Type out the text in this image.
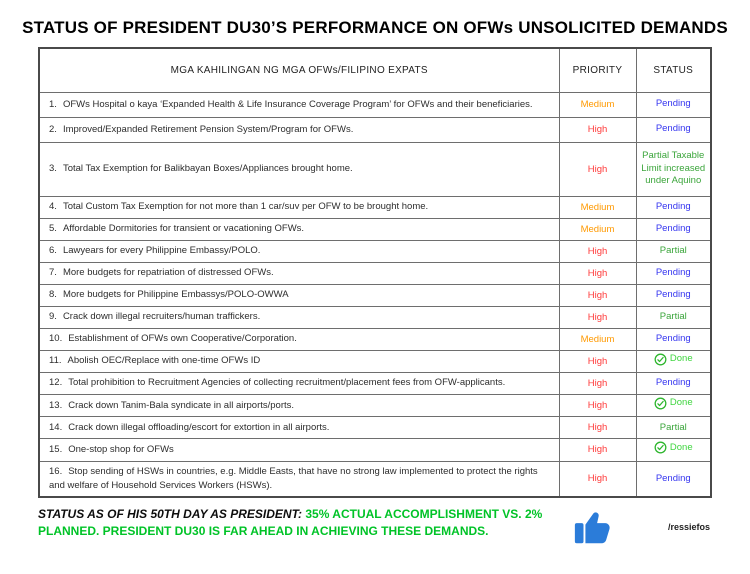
STATUS OF PRESIDENT DU30’S PERFORMANCE ON OFWs UNSOLICITED DEMANDS
MGA KAHILINGAN NG MGA OFWs/FILIPINO EXPATS	PRIORITY	STATUS
1. OFWs Hospital o kaya ‘Expanded Health & Life Insurance Coverage Program’ for OFWs and their beneficiaries.	Medium	Pending

2. Improved/Expanded Retirement Pension System/Program for OFWs.	High	Pending

3. Total Tax Exemption for Balikbayan Boxes/Appliances brought home.	High	Partial Taxable Limit increased under Aquino

4. Total Custom Tax Exemption for not more than 1 car/suv per OFW to be brought home.	Medium	Pending

5. Affordable Dormitories for transient or vacationing OFWs.	Medium	Pending

6. Lawyears for every Philippine Embassy/POLO.	High	Partial

7. More budgets for repatriation of distressed OFWs.	High	Pending

8. More budgets for Philippine Embassys/POLO-OWWA	High	Pending

9. Crack down illegal recruiters/human traffickers.	High	Partial

10. Establishment of OFWs own Cooperative/Corporation.	Medium	Pending

11. Abolish OEC/Replace with one-time OFWs ID	High	Done

12. Total prohibition to Recruitment Agencies of collecting recruitment/placement fees from OFW-applicants.	High	Pending

13. Crack down Tanim-Bala syndicate in all airports/ports.	High	Done

14. Crack down illegal offloading/escort for extortion in all airports.	High	Partial

15. One-stop shop for OFWs	High	Done

16. Stop sending of HSWs in countries, e.g. Middle Easts, that have no strong law implemented to protect the rights and welfare of Household Services Workers (HSWs).	High	Pending
STATUS AS OF HIS 50TH DAY AS PRESIDENT: 35% ACTUAL ACCOMPLISHMENT VS. 2% PLANNED. PRESIDENT DU30 IS FAR AHEAD IN ACHIEVING THESE DEMANDS.	/ressiefos
